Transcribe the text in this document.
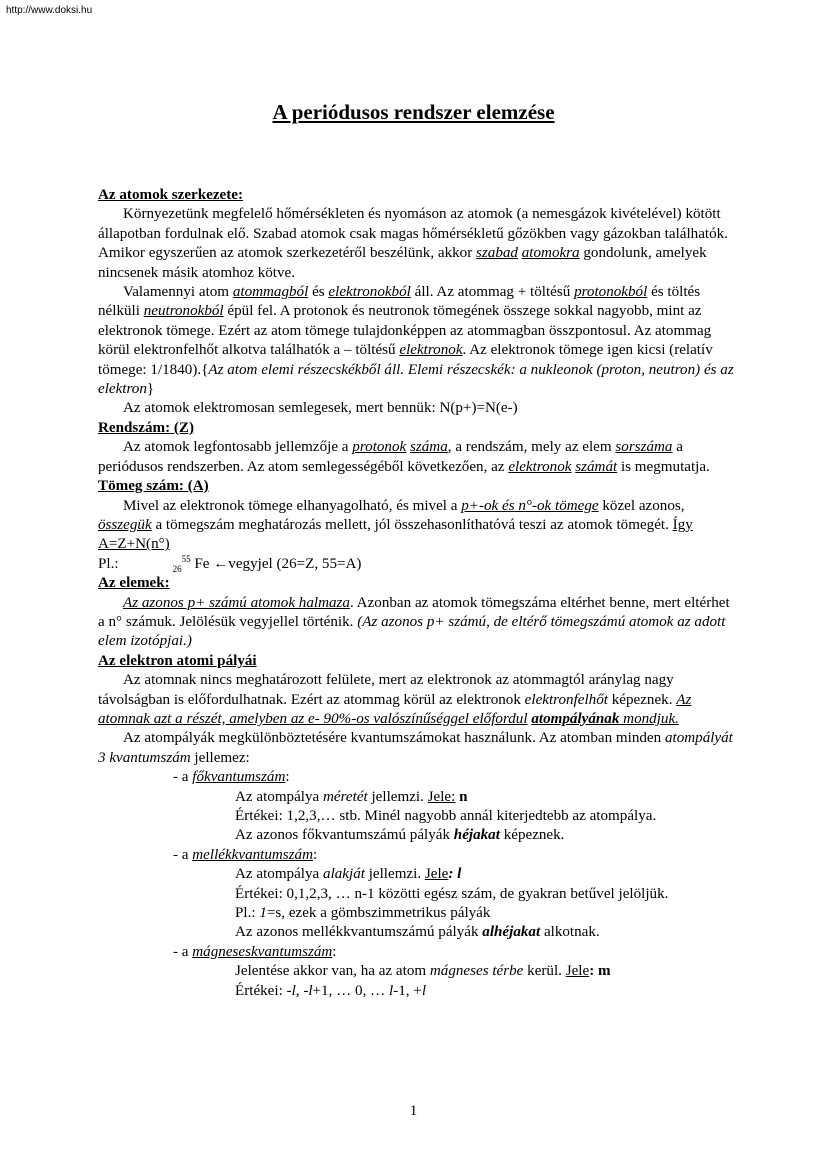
http://www.doksi.hu
A periódusos rendszer elemzése

Az atomok szerkezete:

Környezetünk megfelelő hőmérsékleten és nyomáson az atomok (a nemesgázok kivételével) kötött állapotban fordulnak elő. Szabad atomok csak magas hőmérsékletű gőzökben vagy gázokban találhatók. Amikor egyszerűen az atomok szerkezetéről beszélünk, akkor szabad atomokra gondolunk, amelyek nincsenek másik atomhoz kötve.

Valamennyi atom atommagból és elektronokból áll. Az atommag + töltésű protonokból és töltés nélküli neutronokból épül fel. A protonok és neutronok tömegének összege sokkal nagyobb, mint az elektronok tömege. Ezért az atom tömege tulajdonképpen az atommagban összpontosul. Az atommag körül elektronfelhőt alkotva találhatók a – töltésű elektronok. Az elektronok tömege igen kicsi (relatív tömege: 1/1840).{Az atom elemi részecskékből áll. Elemi részecskék: a nukleonok (proton, neutron) és az elektron}

Az atomok elektromosan semlegesek, mert bennük: N(p+)=N(e-)

Rendszám: (Z)

Az atomok legfontosabb jellemzője a protonok száma, a rendszám, mely az elem sorszáma a periódusos rendszerben. Az atom semlegességéből következően, az elektronok számát is megmutatja.

Tömeg szám: (A)

Mivel az elektronok tömege elhanyagolható, és mivel a p+-ok és n°-ok tömege közel azonos, összegük a tömegszám meghatározás mellett, jól összehasonlíthatóvá teszi az atomok tömegét. Így A=Z+N(n°)

Pl.:	$_{26}^{55}$ Fe ←vegyjel (26=Z, 55=A)

Az elemek:

Az azonos p+ számú atomok halmaza. Azonban az atomok tömegszáma eltérhet benne, mert eltérhet a n° számuk. Jelölésük vegyjellel történik. (Az azonos p+ számú, de eltérő tömegszámú atomok az adott elem izotópjai.)

Az elektron atomi pályái

Az atomnak nincs meghatározott felülete, mert az elektronok az atommagtól aránylag nagy távolságban is előfordulhatnak. Ezért az atommag körül az elektronok elektronfelhőt képeznek. Az atomnak azt a részét, amelyben az e- 90%-os valószínűséggel előfordul atompályának mondjuk.

Az atompályák megkülönböztetésére kvantumszámokat használunk. Az atomban minden atompályát 3 kvantumszám jellemez:

- a főkvantumszám:

Az atompálya méretét jellemzi. Jele: n

Értékei: 1,2,3,… stb. Minél nagyobb annál kiterjedtebb az atompálya.

Az azonos főkvantumszámú pályák héjakat képeznek.

- a mellékkvantumszám:

Az atompálya alakját jellemzi. Jele: l

Értékei: 0,1,2,3, … n-1 közötti egész szám, de gyakran betűvel jelöljük.

Pl.: 1=s, ezek a gömbszimmetrikus pályák

Az azonos mellékkvantumszámú pályák alhéjakat alkotnak.

- a mágneseskvantumszám:

Jelentése akkor van, ha az atom mágneses térbe kerül. Jele: m

Értékei: -l, -l+1, … 0, … l-1, +l

1
